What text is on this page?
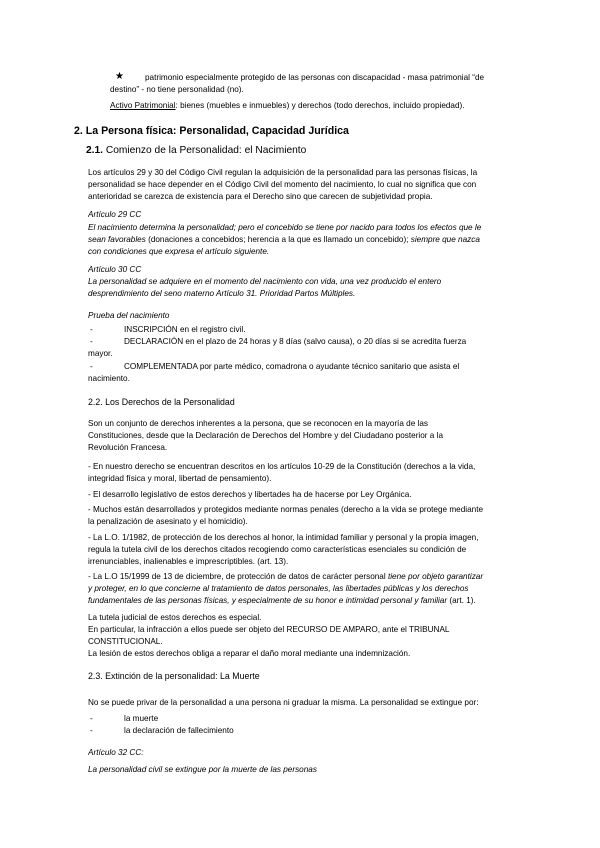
★	patrimonio especialmente protegido de las personas con discapacidad - masa patrimonial “de
destino” - no tiene personalidad (no).
Activo Patrimonial: bienes (muebles e inmuebles) y derechos (todo derechos, incluido propiedad).
2. La Persona física: Personalidad, Capacidad Jurídica
2.1. Comienzo de la Personalidad: el Nacimiento
Los artículos 29 y 30 del Código Civil regulan la adquisición de la personalidad para las personas físicas, la
personalidad se hace depender en el Código Civil del momento del nacimiento, lo cual no significa que con
anterioridad se carezca de existencia para el Derecho sino que carecen de subjetividad propia.
Artículo 29 CC
El nacimiento determina la personalidad; pero el concebido se tiene por nacido para todos los efectos que le
sean favorables (donaciones a concebidos; herencia a la que es llamado un concebido); siempre que nazca
con condiciones que expresa el artículo siguiente.
Artículo 30 CC
La personalidad se adquiere en el momento del nacimiento con vida, una vez producido el entero
desprendimiento del seno materno Artículo 31. Prioridad Partos Múltiples.
Prueba del nacimiento
-	INSCRIPCIÓN en el registro civil.
-	DECLARACIÓN en el plazo de 24 horas y 8 días (salvo causa), o 20 días si se acredita fuerza
mayor.
-	COMPLEMENTADA por parte médico, comadrona o ayudante técnico sanitario que asista el
nacimiento.
2.2. Los Derechos de la Personalidad
Son un conjunto de derechos inherentes a la persona, que se reconocen en la mayoría de las
Constituciones, desde que la Declaración de Derechos del Hombre y del Ciudadano posterior a la
Revolución Francesa.
- En nuestro derecho se encuentran descritos en los artículos 10-29 de la Constitución (derechos a la vida,
integridad física y moral, libertad de pensamiento).
- El desarrollo legislativo de estos derechos y libertades ha de hacerse por Ley Orgánica.
- Muchos están desarrollados y protegidos mediante normas penales (derecho a la vida se protege mediante
la penalización de asesinato y el homicidio).
- La L.O. 1/1982, de protección de los derechos al honor, la intimidad familiar y personal y la propia imagen,
regula la tutela civil de los derechos citados recogiendo como características esenciales su condición de
irrenunciables, inalienables e imprescriptibles. (art. 13).
- La L.O 15/1999 de 13 de diciembre, de protección de datos de carácter personal tiene por objeto garantizar
y proteger, en lo que concierne al tratamiento de datos personales, las libertades públicas y los derechos
fundamentales de las personas físicas, y especialmente de su honor e intimidad personal y familiar (art. 1).
La tutela judicial de estos derechos es especial.
En particular, la infracción a ellos puede ser objeto del RECURSO DE AMPARO, ante el TRIBUNAL
CONSTITUCIONAL.
La lesión de estos derechos obliga a reparar el daño moral mediante una indemnización.
2.3. Extinción de la personalidad: La Muerte
No se puede privar de la personalidad a una persona ni graduar la misma. La personalidad se extingue por:
-	la muerte
-	la declaración de fallecimiento
Artículo 32 CC:
La personalidad civil se extingue por la muerte de las personas
